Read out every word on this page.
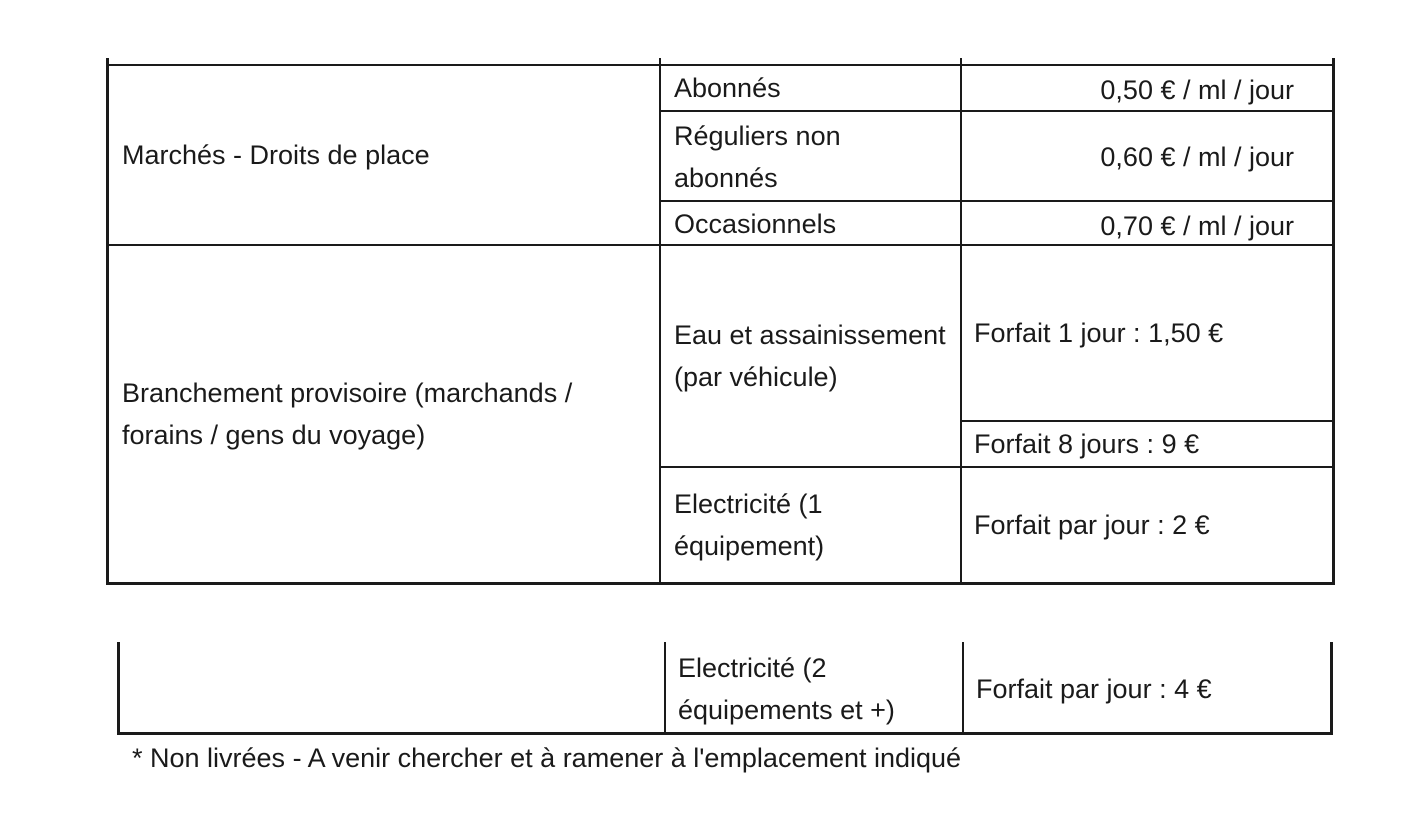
Marchés - Droits de place
Abonnés	0,50 € / ml / jour
Réguliers non abonnés
0,60 € / ml / jour
Occasionnels	0,70 € / ml / jour
Branchement provisoire (marchands / forains / gens du voyage)
Eau et assainissement (par véhicule)
Forfait 1 jour : 1,50 €
Forfait 8 jours : 9 €
Electricité (1 équipement)
Forfait par jour : 2 €
Electricité (2 équipements et +)
Forfait par jour : 4 €
* Non livrées - A venir chercher et à ramener à l'emplacement indiqué
